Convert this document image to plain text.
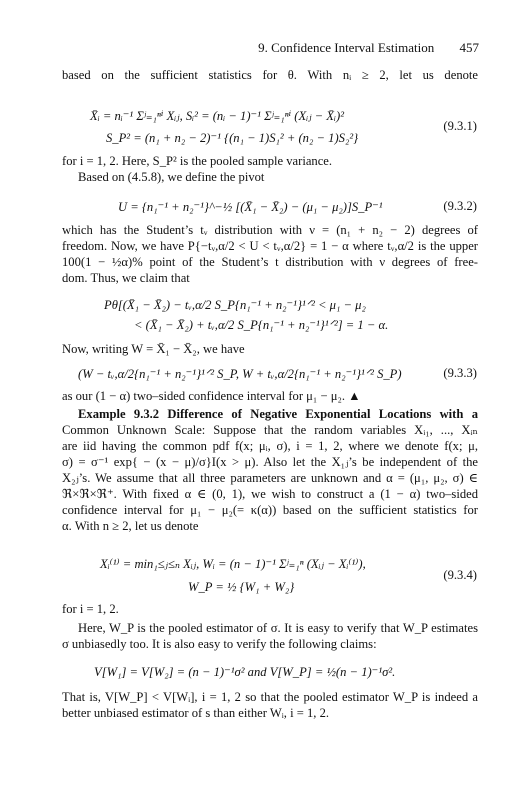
9. Confidence Interval Estimation 457
based on the sufficient statistics for θ. With nᵢ ≥ 2, let us denote
X̄ᵢ = nᵢ⁻¹ Σʲ₌₁ⁿⁱ Xᵢⱼ, Sᵢ² = (nᵢ − 1)⁻¹ Σʲ₌₁ⁿⁱ (Xᵢⱼ − X̄ᵢ)²
S_P² = (n₁ + n₂ − 2)⁻¹ {(n₁ − 1)S₁² + (n₂ − 1)S₂²}
(9.3.1)
for i = 1, 2. Here, S_P² is the pooled sample variance.
Based on (4.5.8), we define the pivot
U = {n₁⁻¹ + n₂⁻¹}^−½ [(X̄₁ − X̄₂) − (μ₁ − μ₂)]S_P⁻¹	(9.3.2)
which has the Student’s tᵥ distribution with ν = (n₁ + n₂ − 2) degrees of
freedom. Now, we have P{−tᵥ,α/2 < U < tᵥ,α/2} = 1 − α where tᵥ,α/2 is the upper
100(1 − ½α)% point of the Student’s t distribution with ν degrees of free-
dom. Thus, we claim that
Pθ[(X̄₁ − X̄₂) − tᵥ,α/2 S_P{n₁⁻¹ + n₂⁻¹}¹ᐟ² < μ₁ − μ₂
< (X̄₁ − X̄₂) + tᵥ,α/2 S_P{n₁⁻¹ + n₂⁻¹}¹ᐟ²] = 1 − α.
Now, writing W = X̄₁ − X̄₂, we have
(W − tᵥ,α/2{n₁⁻¹ + n₂⁻¹}¹ᐟ² S_P, W + tᵥ,α/2{n₁⁻¹ + n₂⁻¹}¹ᐟ² S_P)	(9.3.3)
as our (1 − α) two–sided confidence interval for μ₁ − μ₂. ▲
Example 9.3.2 Difference of Negative Exponential Locations with a
Common Unknown Scale: Suppose that the random variables Xᵢ₁, ..., Xᵢₙ
are iid having the common pdf f(x; μᵢ, σ), i = 1, 2, where we denote f(x; μ,
σ) = σ⁻¹ exp{ − (x − μ)/σ}I(x > μ). Also let the X₁ⱼ’s be independent of the
X₂ⱼ’s. We assume that all three parameters are unknown and α = (μ₁, μ₂, σ) ∈
ℜ×ℜ×ℜ⁺. With fixed α ∈ (0, 1), we wish to construct a (1 − α) two–sided
confidence interval for μ₁ − μ₂(= κ(α)) based on the sufficient statistics for
α. With n ≥ 2, let us denote
Xᵢ⁽¹⁾ = min₁≤ⱼ≤ₙ Xᵢⱼ, Wᵢ = (n − 1)⁻¹ Σʲ₌₁ⁿ (Xᵢⱼ − Xᵢ⁽¹⁾),
W_P = ½ {W₁ + W₂}
(9.3.4)
for i = 1, 2.
Here, W_P is the pooled estimator of σ. It is easy to verify that W_P estimates
σ unbiasedly too. It is also easy to verify the following claims:
V[W₁] = V[W₂] = (n − 1)⁻¹σ² and V[W_P] = ½(n − 1)⁻¹σ².
That is, V[W_P] < V[Wᵢ], i = 1, 2 so that the pooled estimator W_P is indeed a
better unbiased estimator of s than either Wᵢ, i = 1, 2.
